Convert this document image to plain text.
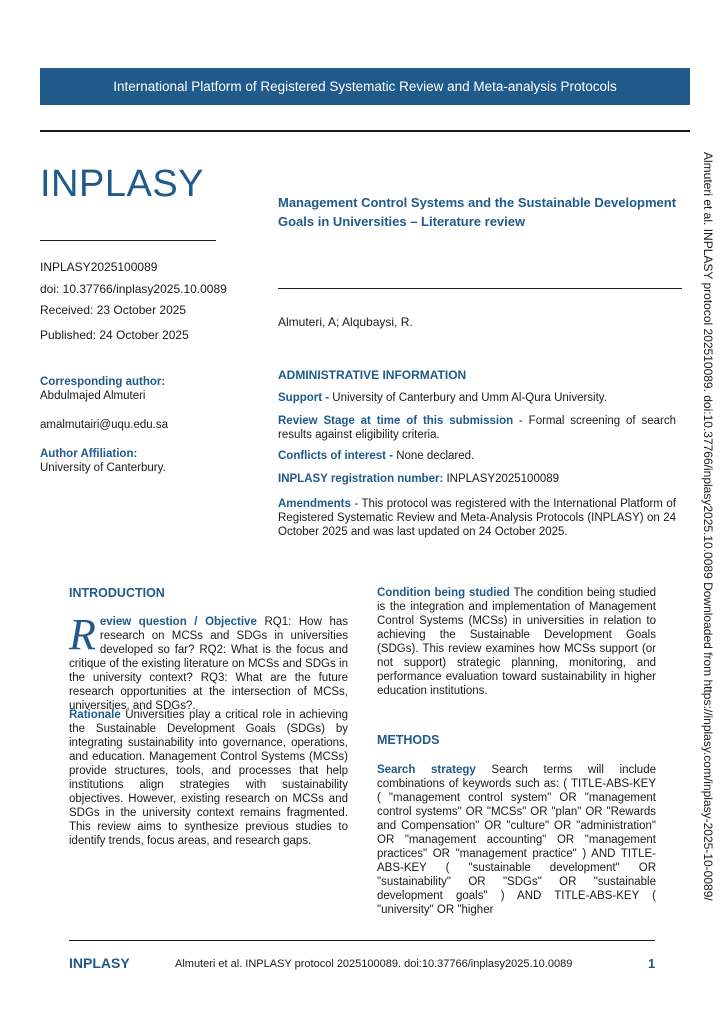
International Platform of Registered Systematic Review and Meta-analysis Protocols
INPLASY
INPLASY2025100089
doi: 10.37766/inplasy2025.10.0089
Received: 23 October 2025
Published: 24 October 2025
Management Control Systems and the Sustainable Development Goals in Universities – Literature review
Almuteri, A; Alqubaysi, R.
Corresponding author:
Abdulmajed Almuteri
amalmutairi@uqu.edu.sa
Author Affiliation:
University of Canterbury.
ADMINISTRATIVE INFORMATION
Support - University of Canterbury and Umm Al-Qura University.
Review Stage at time of this submission - Formal screening of search results against eligibility criteria.
Conflicts of interest - None declared.
INPLASY registration number: INPLASY2025100089
Amendments - This protocol was registered with the International Platform of Registered Systematic Review and Meta-Analysis Protocols (INPLASY) on 24 October 2025 and was last updated on 24 October 2025.
INTRODUCTION
Review question / Objective RQ1: How has research on MCSs and SDGs in universities developed so far? RQ2: What is the focus and critique of the existing literature on MCSs and SDGs in the university context? RQ3: What are the future research opportunities at the intersection of MCSs, universities, and SDGs?.
Rationale Universities play a critical role in achieving the Sustainable Development Goals (SDGs) by integrating sustainability into governance, operations, and education. Management Control Systems (MCSs) provide structures, tools, and processes that help institutions align strategies with sustainability objectives. However, existing research on MCSs and SDGs in the university context remains fragmented. This review aims to synthesize previous studies to identify trends, focus areas, and research gaps.
Condition being studied The condition being studied is the integration and implementation of Management Control Systems (MCSs) in universities in relation to achieving the Sustainable Development Goals (SDGs). This review examines how MCSs support (or not support) strategic planning, monitoring, and performance evaluation toward sustainability in higher education institutions.
METHODS
Search strategy Search terms will include combinations of keywords such as: ( TITLE-ABS-KEY ( "management control system" OR "management control systems" OR "MCSs" OR "plan" OR "Rewards and Compensation" OR "culture" OR "administration" OR "management accounting" OR "management practices" OR "management practice" ) AND TITLE-ABS-KEY ( "sustainable development" OR "sustainability" OR "SDGs" OR "sustainable development goals" ) AND TITLE-ABS-KEY ( "university" OR "higher
Almuteri et al. INPLASY protocol 202510089. doi:10.37766/inplasy2025.10.0089 Downloaded from https://inplasy.com/inplasy-2025-10-0089/
INPLASY	Almuteri et al. INPLASY protocol 2025100089. doi:10.37766/inplasy2025.10.0089	1
